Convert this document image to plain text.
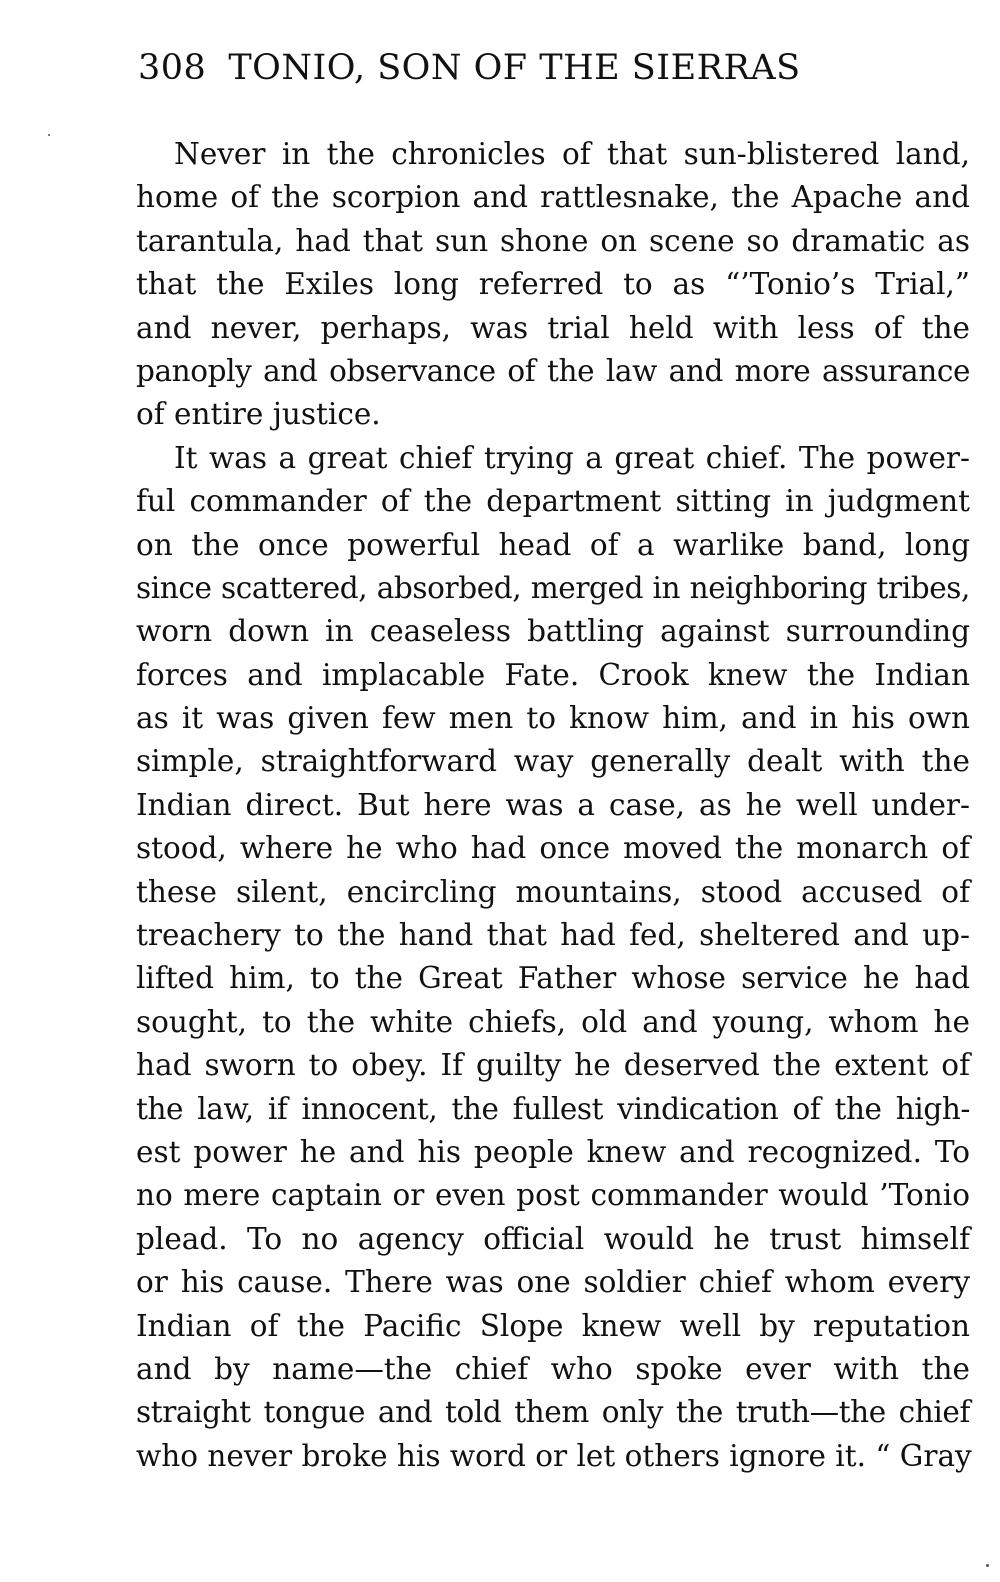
308 TONIO, SON OF THE SIERRAS
Never in the chronicles of that sun-blistered land,
home of the scorpion and rattlesnake, the Apache and
tarantula, had that sun shone on scene so dramatic as
that the Exiles long referred to as “’Tonio’s Trial,”
and never, perhaps, was trial held with less of the
panoply and observance of the law and more assurance
of entire justice.
It was a great chief trying a great chief. The power-
ful commander of the department sitting in judgment
on the once powerful head of a warlike band, long
since scattered, absorbed, merged in neighboring tribes,
worn down in ceaseless battling against surrounding
forces and implacable Fate. Crook knew the Indian
as it was given few men to know him, and in his own
simple, straightforward way generally dealt with the
Indian direct. But here was a case, as he well under-
stood, where he who had once moved the monarch of
these silent, encircling mountains, stood accused of
treachery to the hand that had fed, sheltered and up-
lifted him, to the Great Father whose service he had
sought, to the white chiefs, old and young, whom he
had sworn to obey. If guilty he deserved the extent of
the law, if innocent, the fullest vindication of the high-
est power he and his people knew and recognized. To
no mere captain or even post commander would ’Tonio
plead. To no agency official would he trust himself
or his cause. There was one soldier chief whom every
Indian of the Pacific Slope knew well by reputation
and by name—the chief who spoke ever with the
straight tongue and told them only the truth—the chief
who never broke his word or let others ignore it. “ Gray
